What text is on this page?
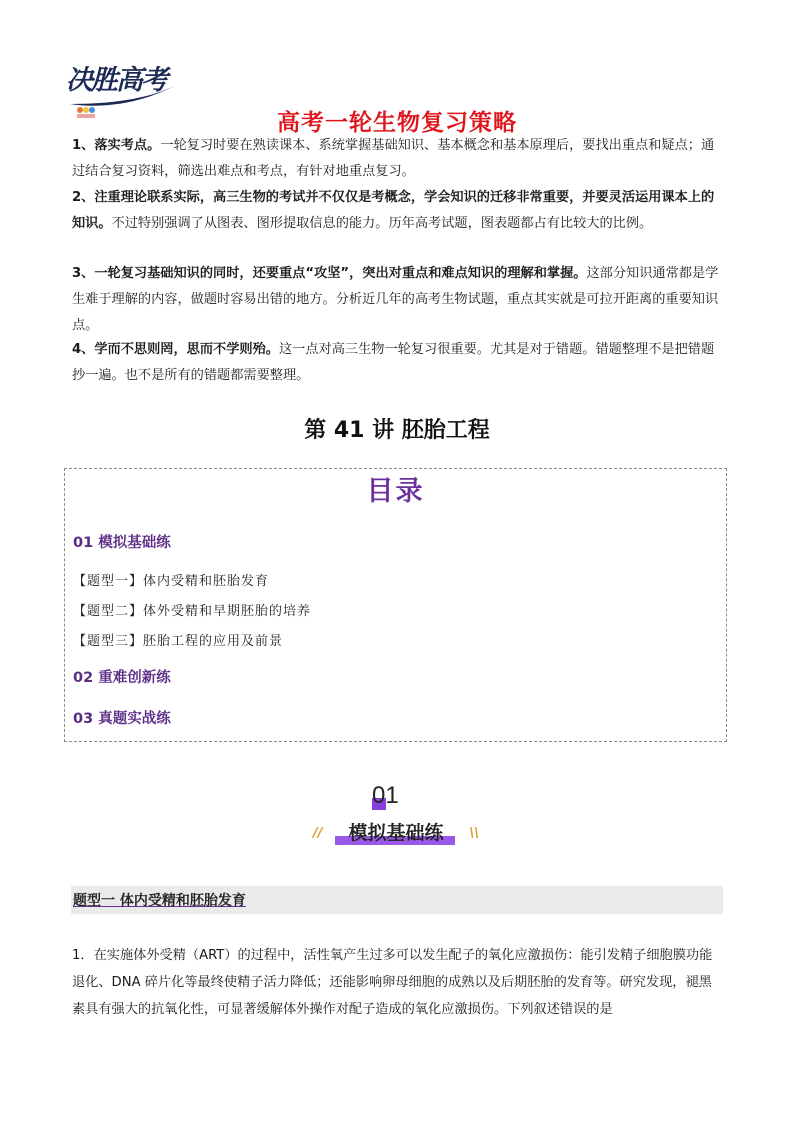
决胜高考
高考一轮生物复习策略
1、落实考点。一轮复习时要在熟读课本、系统掌握基础知识、基本概念和基本原理后，要找出重点和疑点；通过结合复习资料，筛选出难点和考点，有针对地重点复习。
2、注重理论联系实际，高三生物的考试并不仅仅是考概念，学会知识的迁移非常重要，并要灵活运用课本上的知识。不过特别强调了从图表、图形提取信息的能力。历年高考试题，图表题都占有比较大的比例。
3、一轮复习基础知识的同时，还要重点“攻坚”，突出对重点和难点知识的理解和掌握。这部分知识通常都是学生难于理解的内容，做题时容易出错的地方。分析近几年的高考生物试题，重点其实就是可拉开距离的重要知识点。
4、学而不思则罔，思而不学则殆。这一点对高三生物一轮复习很重要。尤其是对于错题。错题整理不是把错题抄一遍。也不是所有的错题都需要整理。
第 41 讲 胚胎工程
目录
01 模拟基础练
【题型一】体内受精和胚胎发育
【题型二】体外受精和早期胚胎的培养
【题型三】胚胎工程的应用及前景
02 重难创新练
03 真题实战练
01
//	模拟基础练	\\
题型一 体内受精和胚胎发育
1．在实施体外受精（ART）的过程中，活性氧产生过多可以发生配子的氧化应激损伤：能引发精子细胞膜功能退化、DNA 碎片化等最终使精子活力降低；还能影响卵母细胞的成熟以及后期胚胎的发育等。研究发现，褪黑素具有强大的抗氧化性，可显著缓解体外操作对配子造成的氧化应激损伤。下列叙述错误的是
